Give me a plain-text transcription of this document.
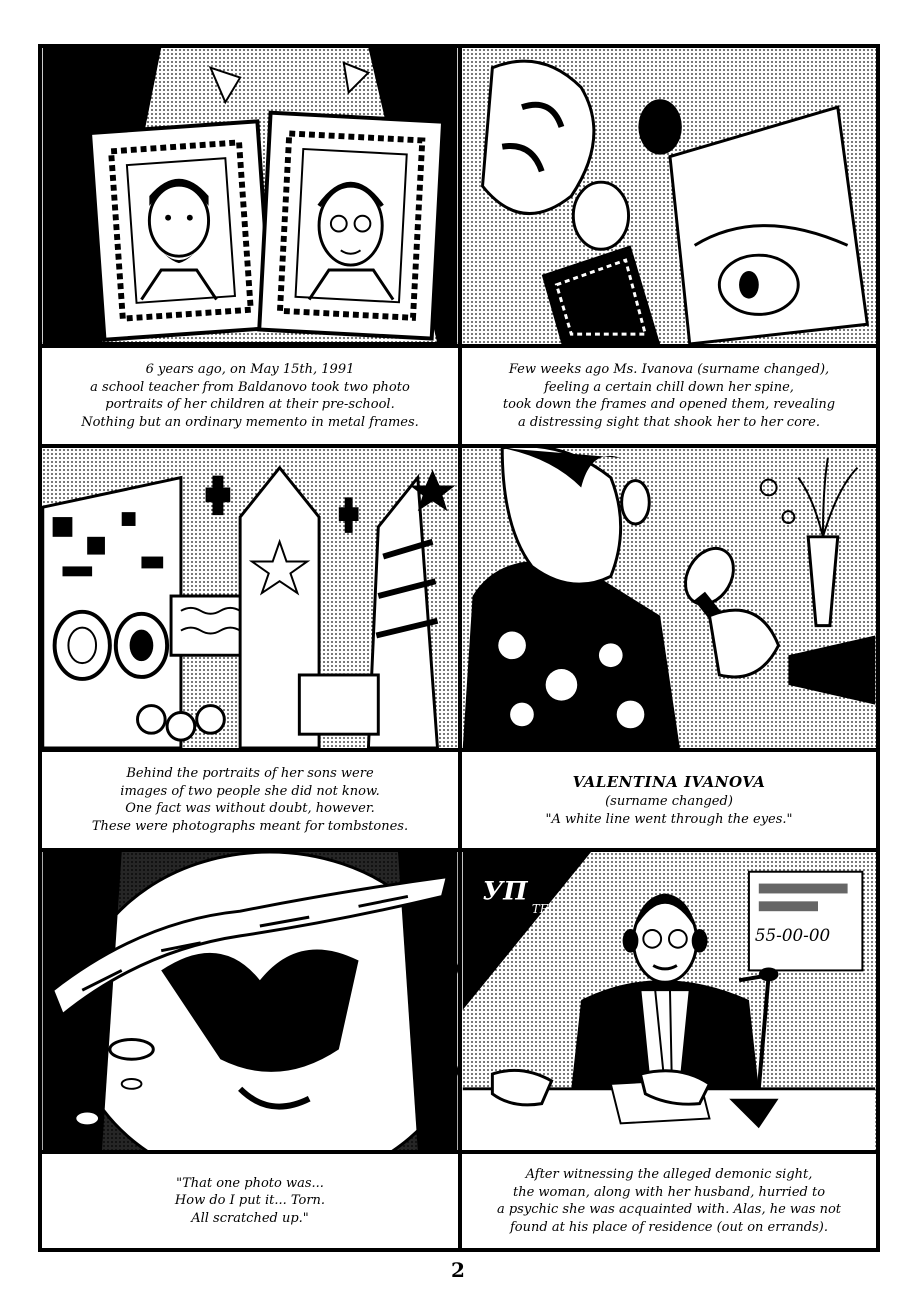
6 years ago, on May 15th, 1991

a school teacher from Baldanovo took two photo

portraits of her children at their pre-school.

Nothing but an ordinary memento in metal frames.

Few weeks ago Ms. Ivanova (surname changed),

feeling a certain chill down her spine,

took down the frames and opened them, revealing

a distressing sight that shook her to her core.

Behind the portraits of her sons were

images of two people she did not know.

One fact was without doubt, however.

These were photographs meant for tombstones.

VALENTINA IVANOVA

(surname changed)

"A white line went through the eyes."

УП
ТБ
55-00-00

"That one photo was...

How do I put it... Torn.

All scratched up."

After witnessing the alleged demonic sight,

the woman, along with her husband, hurried to

a psychic she was acquainted with. Alas, he was not

found at his place of residence (out on errands).

2
